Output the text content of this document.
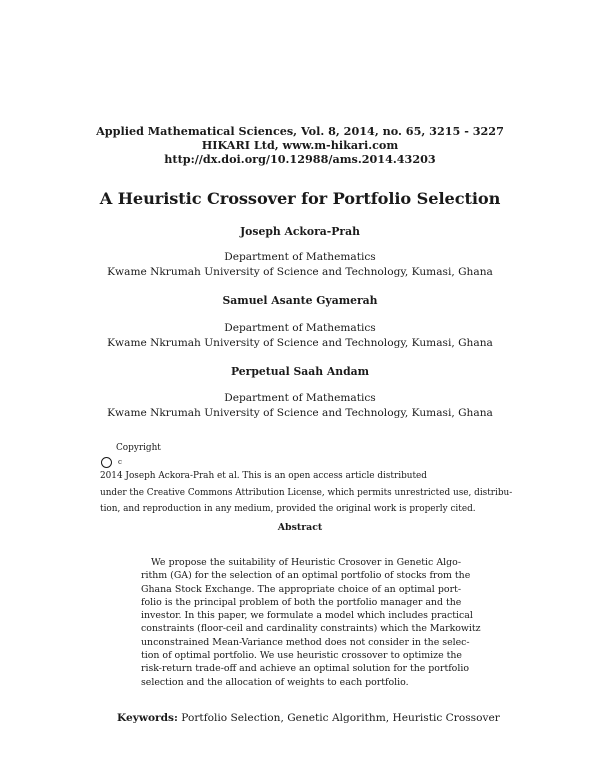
Applied Mathematical Sciences, Vol. 8, 2014, no. 65, 3215 - 3227
HIKARI Ltd, www.m-hikari.com
http://dx.doi.org/10.12988/ams.2014.43203
A Heuristic Crossover for Portfolio Selection
Joseph Ackora-Prah
Department of Mathematics
Kwame Nkrumah University of Science and Technology, Kumasi, Ghana
Samuel Asante Gyamerah
Department of Mathematics
Kwame Nkrumah University of Science and Technology, Kumasi, Ghana
Perpetual Saah Andam
Department of Mathematics
Kwame Nkrumah University of Science and Technology, Kumasi, Ghana
Copyright
c
2014 Joseph Ackora-Prah et al. This is an open access article distributed
under the Creative Commons Attribution License, which permits unrestricted use, distribu-
tion, and reproduction in any medium, provided the original work is properly cited.
Abstract
We propose the suitability of Heuristic Crosover in Genetic Algo-
rithm (GA) for the selection of an optimal portfolio of stocks from the
Ghana Stock Exchange. The appropriate choice of an optimal port-
folio is the principal problem of both the portfolio manager and the
investor. In this paper, we formulate a model which includes practical
constraints (floor-ceil and cardinality constraints) which the Markowitz
unconstrained Mean-Variance method does not consider in the selec-
tion of optimal portfolio. We use heuristic crossover to optimize the
risk-return trade-off and achieve an optimal solution for the portfolio
selection and the allocation of weights to each portfolio.
Keywords: Portfolio Selection, Genetic Algorithm, Heuristic Crossover
